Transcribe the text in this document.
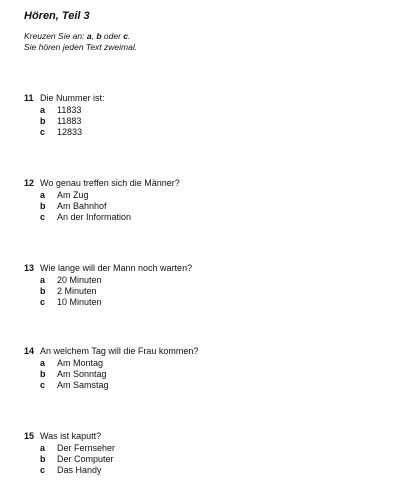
Hören, Teil 3
Kreuzen Sie an: a, b oder c.
Sie hören jeden Text zweimal.
11 Die Nummer ist:
a	11833
b	11883
c	12833
12 Wo genau treffen sich die Männer?
a	Am Zug
b	Am Bahnhof
c	An der Information
13 Wie lange will der Mann noch warten?
a	20 Minuten
b	2 Minuten
c	10 Minuten
14 An welchem Tag will die Frau kommen?
a	Am Montag
b	Am Sonntag
c	Am Samstag
15 Was ist kaputt?
a	Der Fernseher
b	Der Computer
c	Das Handy
